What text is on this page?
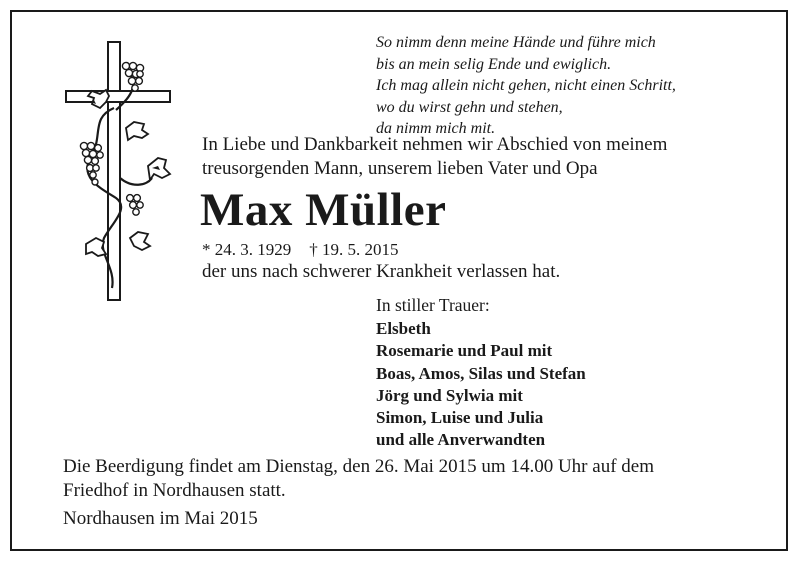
So nimm denn meine Hände und führe mich
bis an mein selig Ende und ewiglich.
Ich mag allein nicht gehen, nicht einen Schritt,
wo du wirst gehn und stehen,
da nimm mich mit.
In Liebe und Dankbarkeit nehmen wir Abschied von meinem
treusorgenden Mann, unserem lieben Vater und Opa
Max Müller
* 24. 3. 1929 † 19. 5. 2015
der uns nach schwerer Krankheit verlassen hat.
In stiller Trauer:
Elsbeth
Rosemarie und Paul mit
Boas, Amos, Silas und Stefan
Jörg und Sylwia mit
Simon, Luise und Julia
und alle Anverwandten
Die Beerdigung findet am Dienstag, den 26. Mai 2015 um 14.00 Uhr auf dem
Friedhof in Nordhausen statt.
Nordhausen im Mai 2015
